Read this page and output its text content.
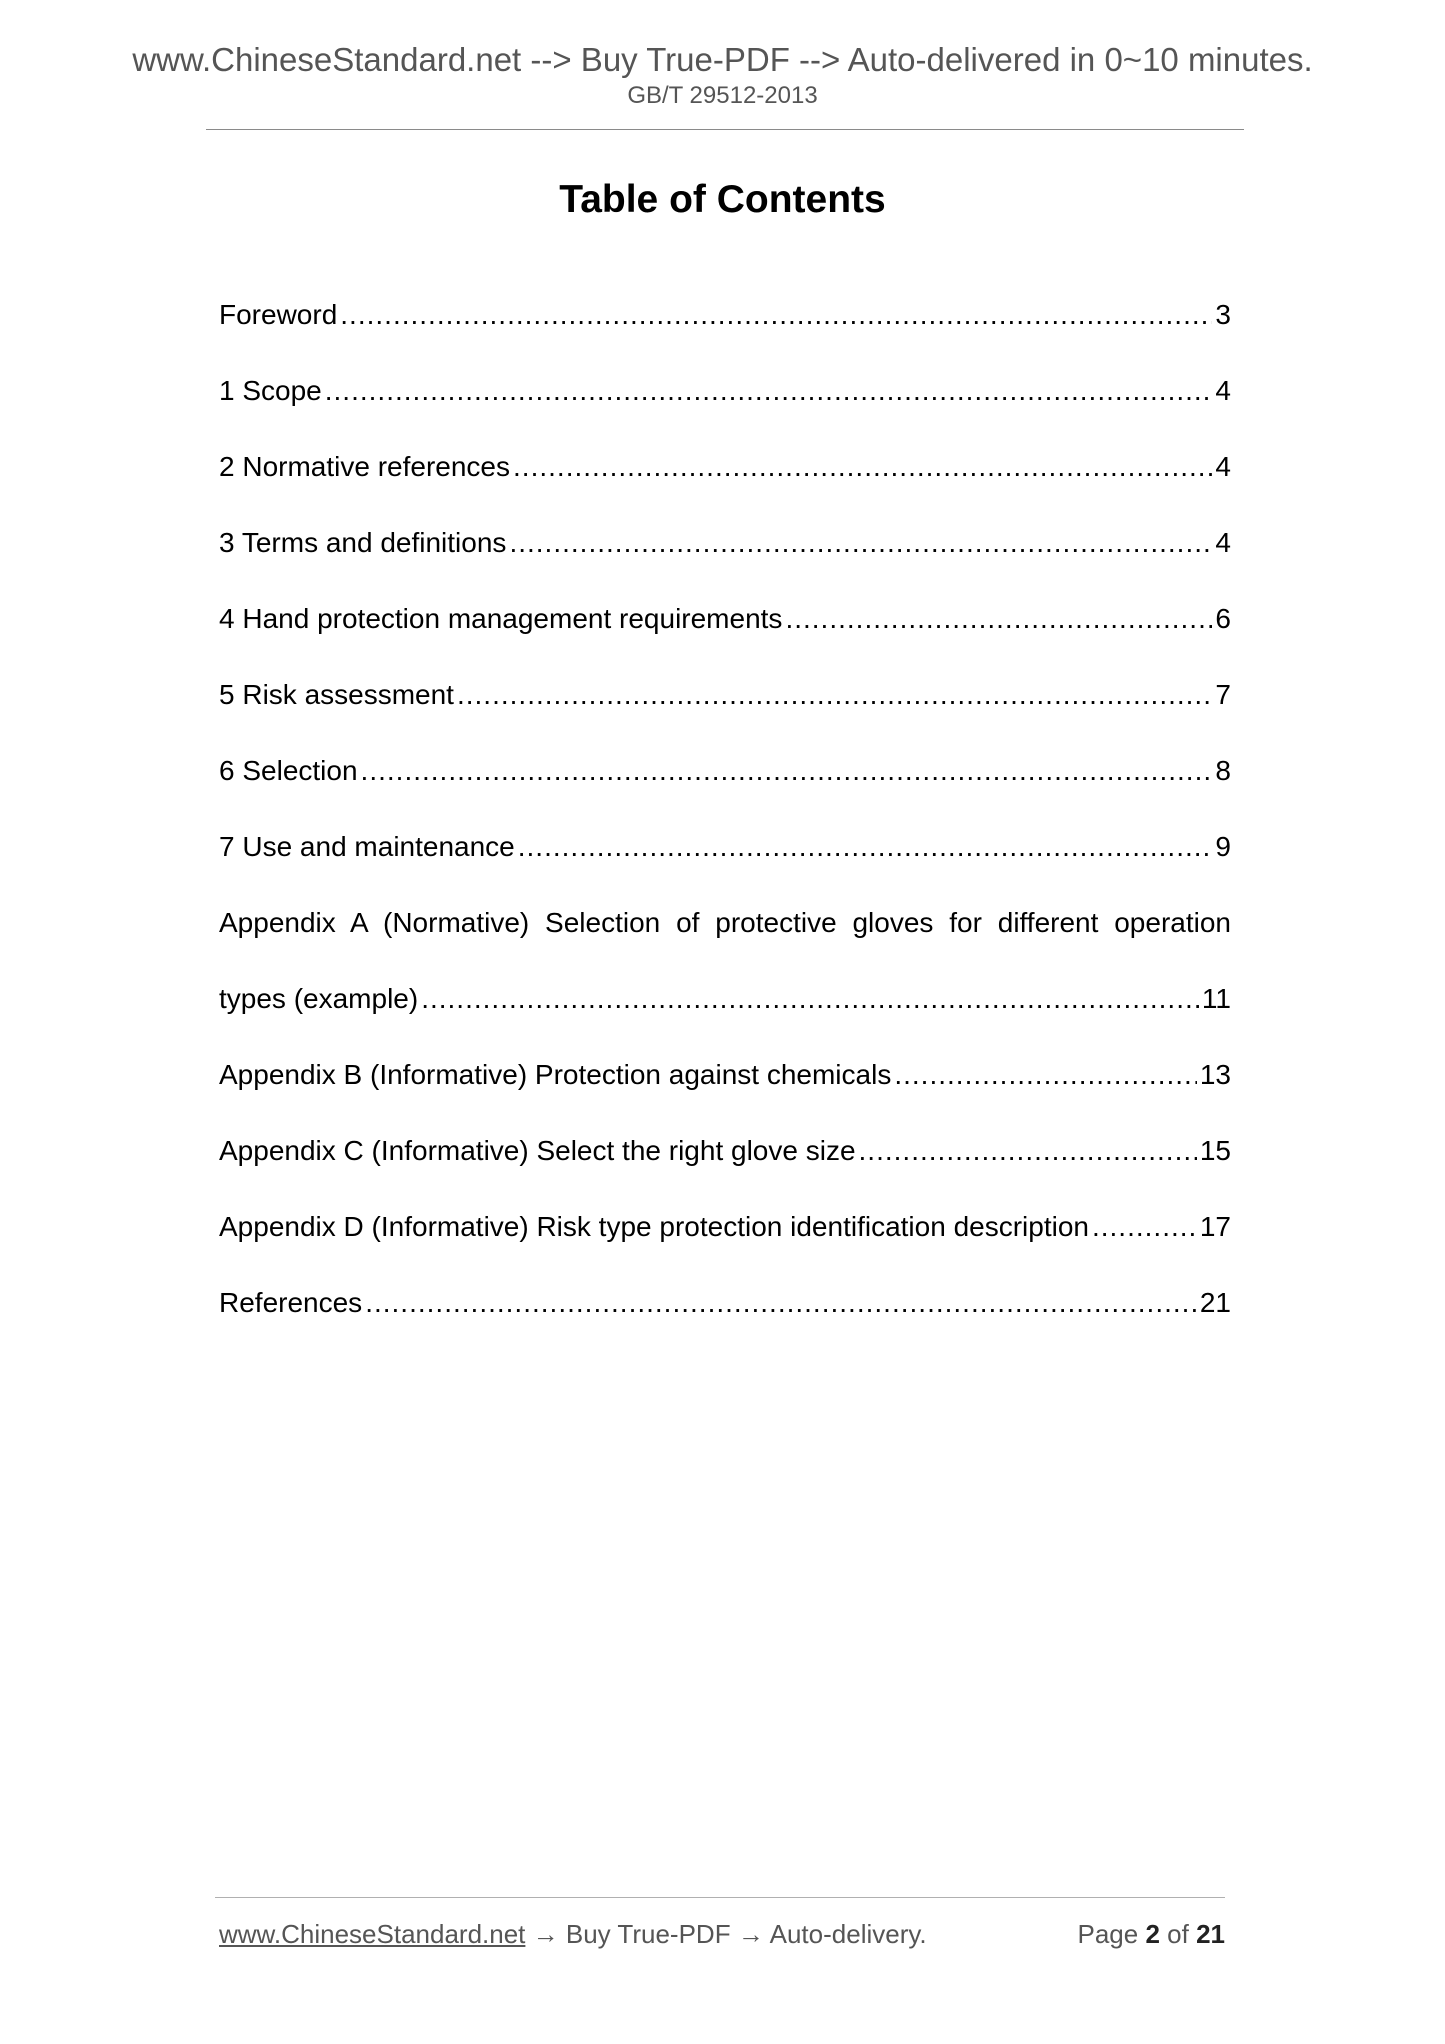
www.ChineseStandard.net --> Buy True-PDF --> Auto-delivered in 0~10 minutes.
GB/T 29512-2013
Table of Contents
Foreword .....	3
1 Scope .....	4
2 Normative references .....	4
3 Terms and definitions .....	4
4 Hand protection management requirements .....	6
5 Risk assessment .....	7
6 Selection .....	8
7 Use and maintenance .....	9
Appendix A (Normative) Selection of protective gloves for different operation
types (example) .....	11
Appendix B (Informative) Protection against chemicals .....	13
Appendix C (Informative) Select the right glove size .....	15
Appendix D (Informative) Risk type protection identification description .....	17
References .....	21
www.ChineseStandard.net → Buy True-PDF → Auto-delivery.	Page 2 of 21
